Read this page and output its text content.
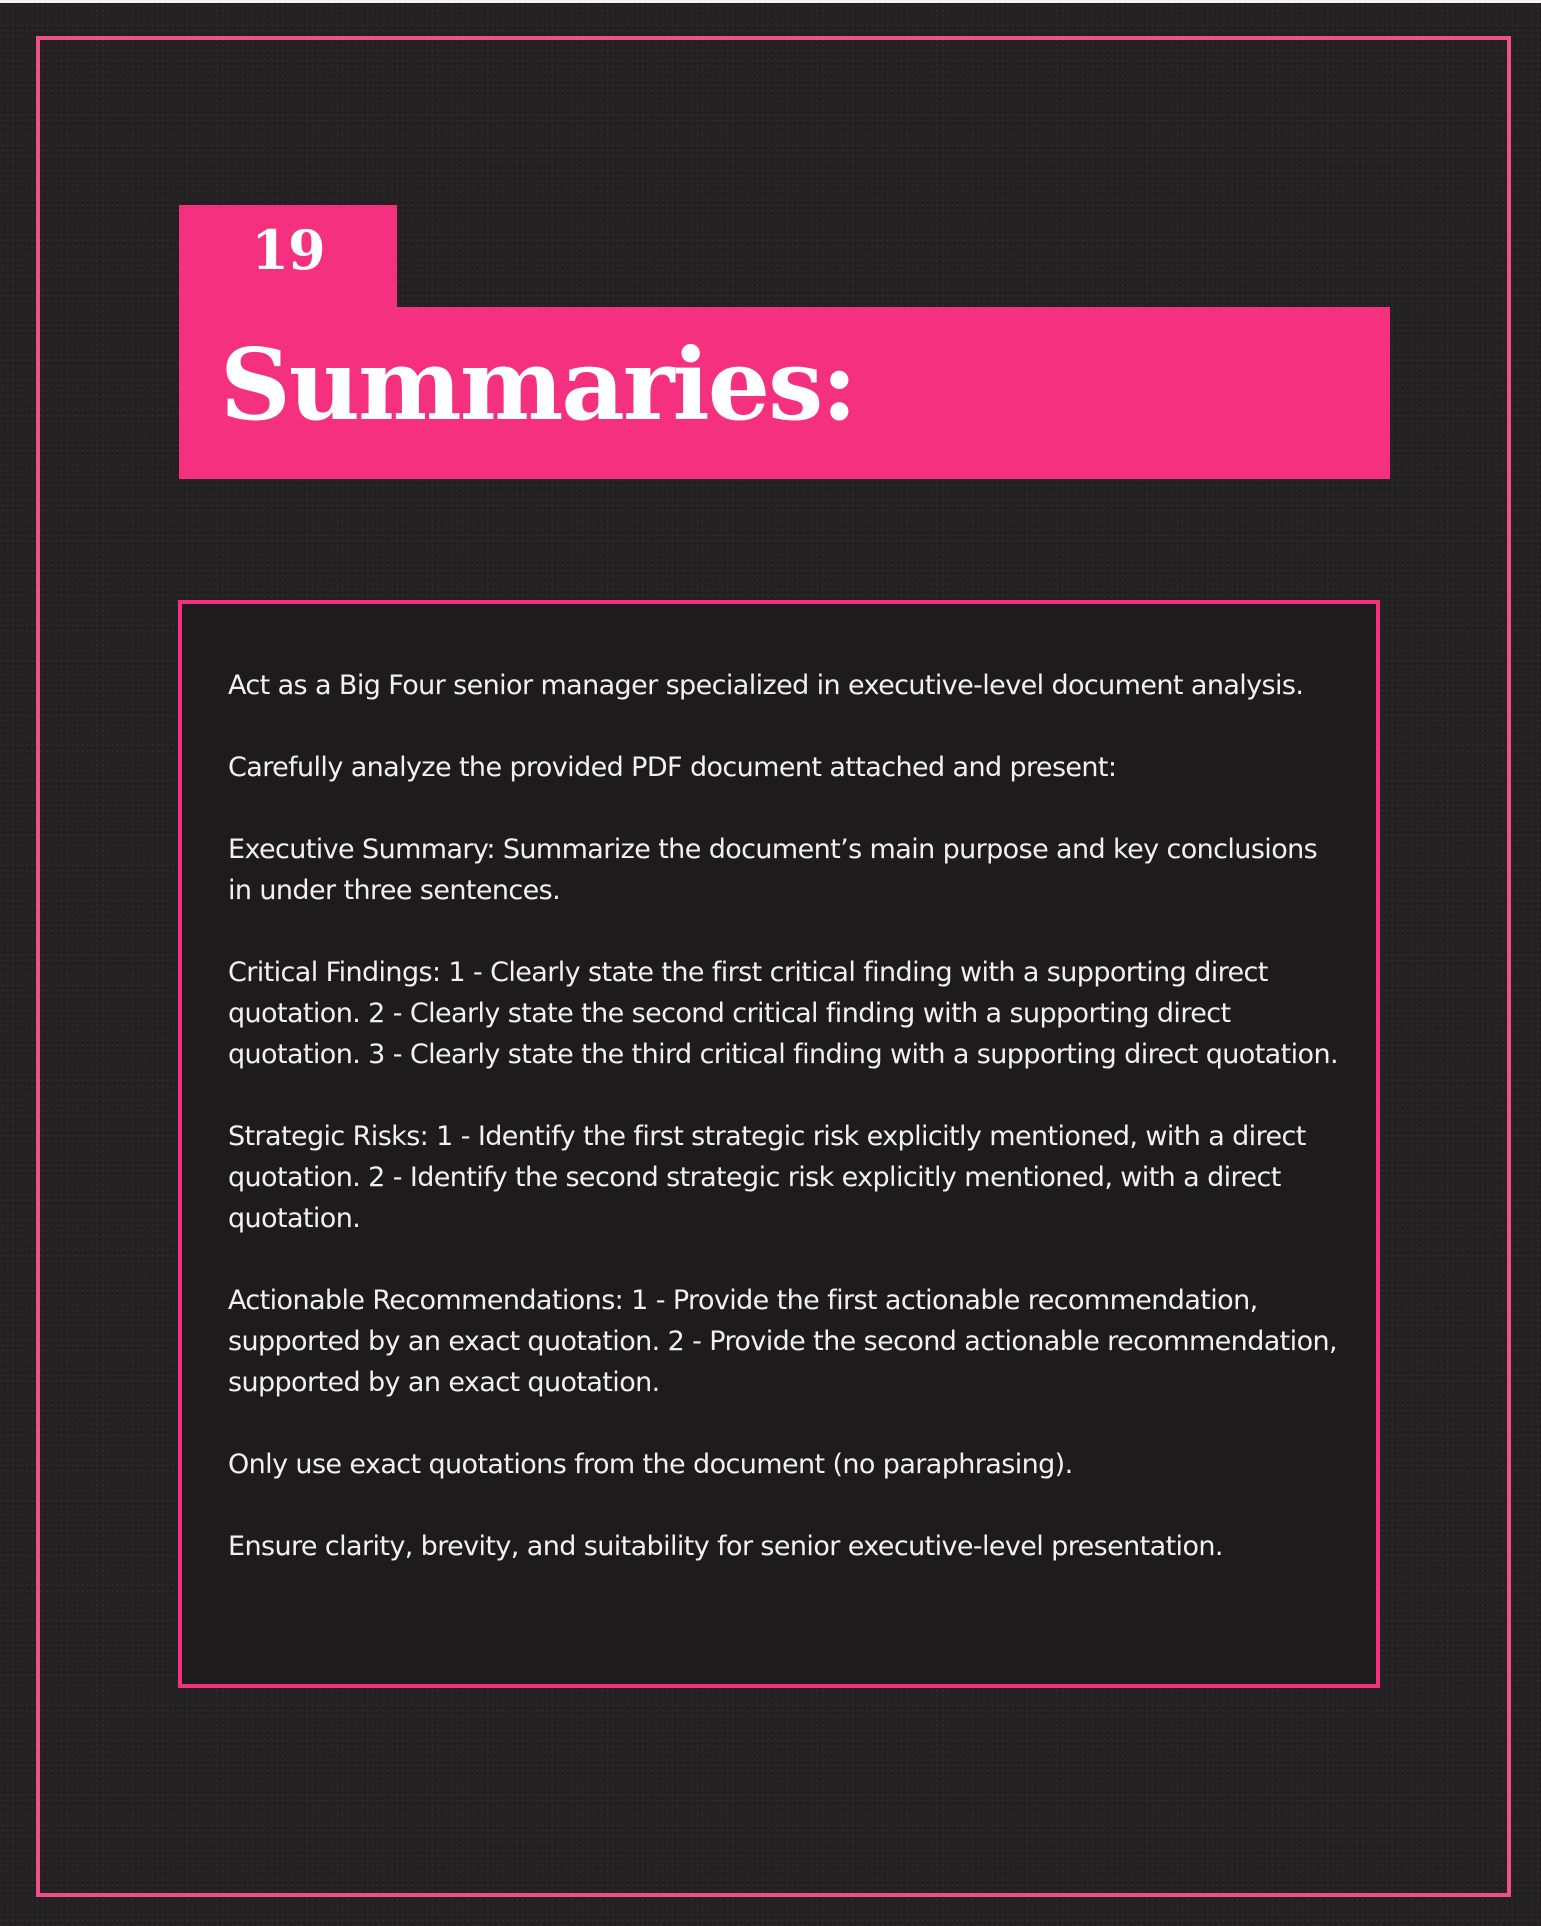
19
Summaries:

Act as a Big Four senior manager specialized in executive-level document analysis.

Carefully analyze the provided PDF document attached and present:

Executive Summary: Summarize the document’s main purpose and key conclusions in under three sentences.

Critical Findings: 1 - Clearly state the first critical finding with a supporting direct quotation. 2 - Clearly state the second critical finding with a supporting direct quotation. 3 - Clearly state the third critical finding with a supporting direct quotation.

Strategic Risks: 1 - Identify the first strategic risk explicitly mentioned, with a direct quotation. 2 - Identify the second strategic risk explicitly mentioned, with a direct quotation.

Actionable Recommendations: 1 - Provide the first actionable recommendation, supported by an exact quotation. 2 - Provide the second actionable recommendation, supported by an exact quotation.

Only use exact quotations from the document (no paraphrasing).

Ensure clarity, brevity, and suitability for senior executive-level presentation.
